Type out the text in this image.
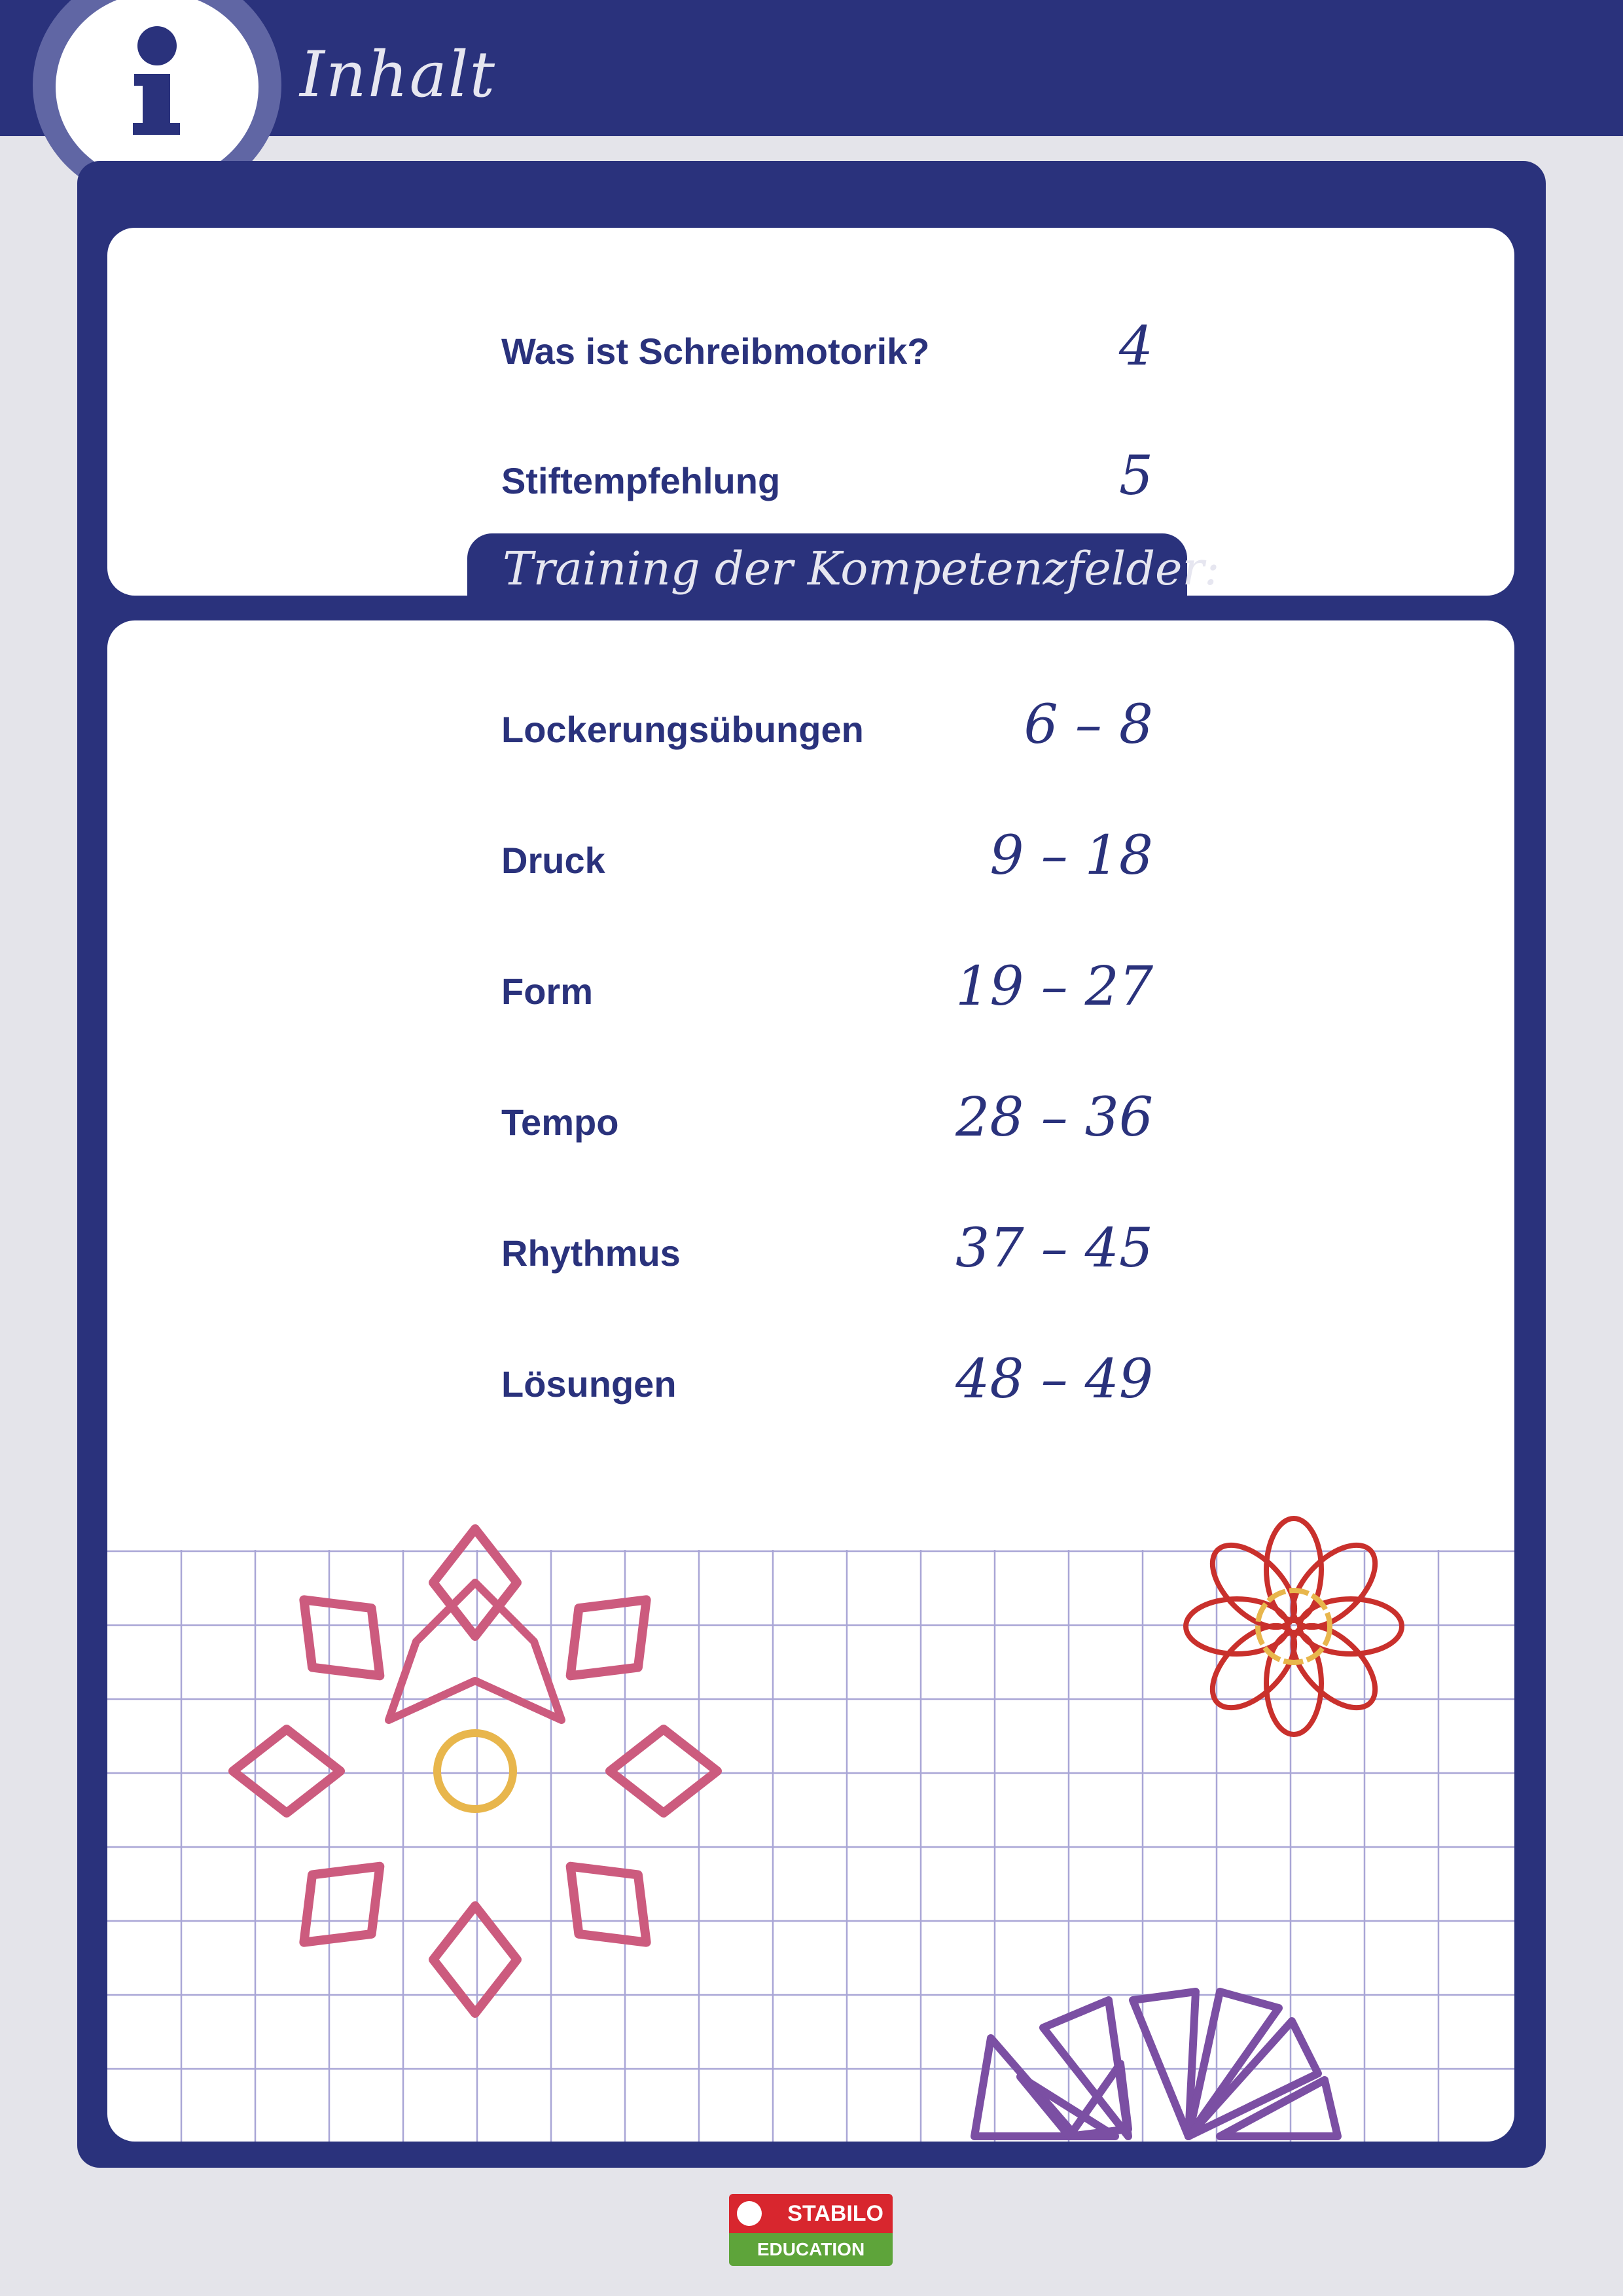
Inhalt
Was ist Schreibmotorik?	4
Stiftempfehlung	5
Training der Kompetenzfelder:
Lockerungsübungen	6 – 8
Druck	9 – 18
Form	19 – 27
Tempo	28 – 36
Rhythmus	37 – 45
Lösungen	48 – 49
STABILO
EDUCATION
